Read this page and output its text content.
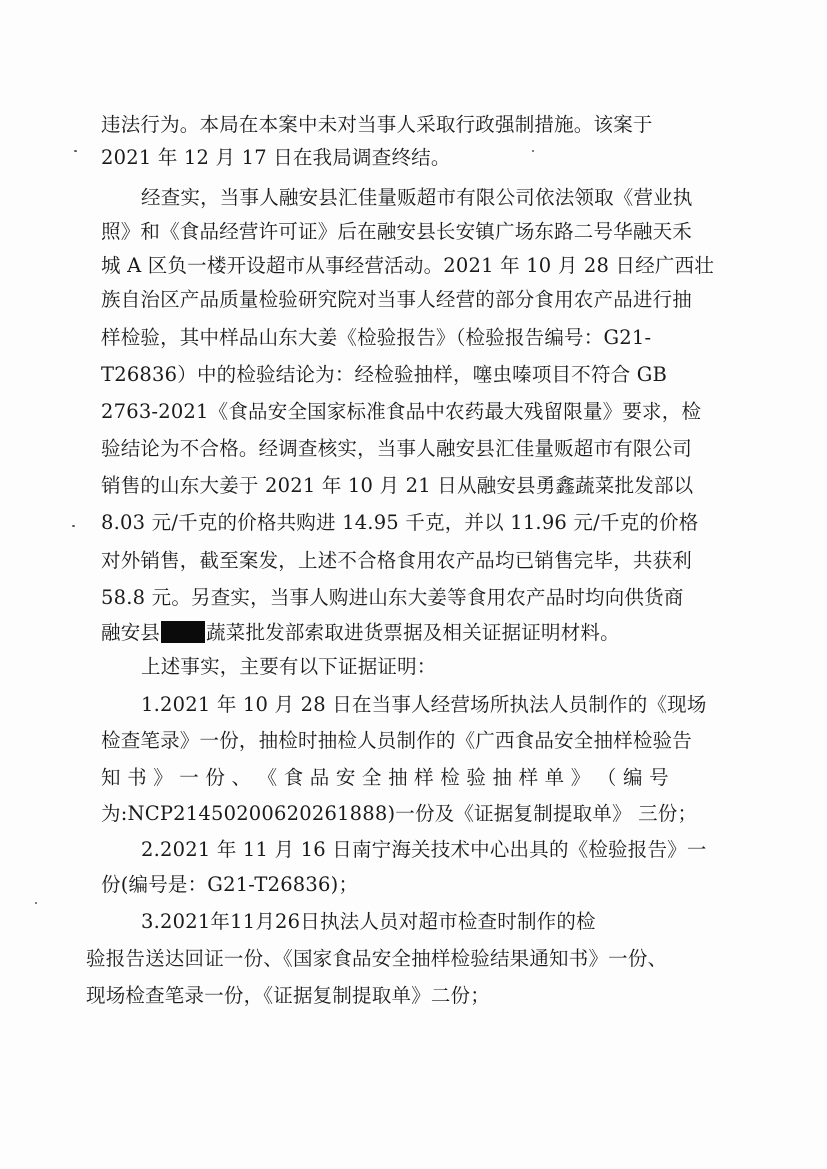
违法行为。本局在本案中未对当事人采取行政强制措施。该案于
2021 年 12 月 17 日在我局调查终结。
经查实，当事人融安县汇佳量贩超市有限公司依法领取《营业执
照》和《食品经营许可证》后在融安县长安镇广场东路二号华融天禾
城 A 区负一楼开设超市从事经营活动。2021 年 10 月 28 日经广西壮
族自治区产品质量检验研究院对当事人经营的部分食用农产品进行抽
样检验，其中样品山东大姜《检验报告》（检验报告编号：G21-
T26836）中的检验结论为：经检验抽样，噻虫嗪项目不符合 GB
2763-2021《食品安全国家标准食品中农药最大残留限量》要求，检
验结论为不合格。经调查核实，当事人融安县汇佳量贩超市有限公司
销售的山东大姜于 2021 年 10 月 21 日从融安县勇鑫蔬菜批发部以
8.03 元/千克的价格共购进 14.95 千克，并以 11.96 元/千克的价格
对外销售，截至案发，上述不合格食用农产品均已销售完毕，共获利
58.8 元。另查实，当事人购进山东大姜等食用农产品时均向供货商
融安县 蔬菜批发部索取进货票据及相关证据证明材料。
上述事实，主要有以下证据证明：
1.2021 年 10 月 28 日在当事人经营场所执法人员制作的《现场
检查笔录》一份，抽检时抽检人员制作的《广西食品安全抽样检验告
知 书 》 一 份 、 《 食 品 安 全 抽 样 检 验 抽 样 单 》 （ 编 号
为:NCP21450200620261888)一份及《证据复制提取单》 三份；
2.2021 年 11 月 16 日南宁海关技术中心出具的《检验报告》一
份(编号是：G21-T26836)；
3.2021年11月26日执法人员对超市检查时制作的检
验报告送达回证一份、《国家食品安全抽样检验结果通知书》一份、
现场检查笔录一份，《证据复制提取单》二份；
